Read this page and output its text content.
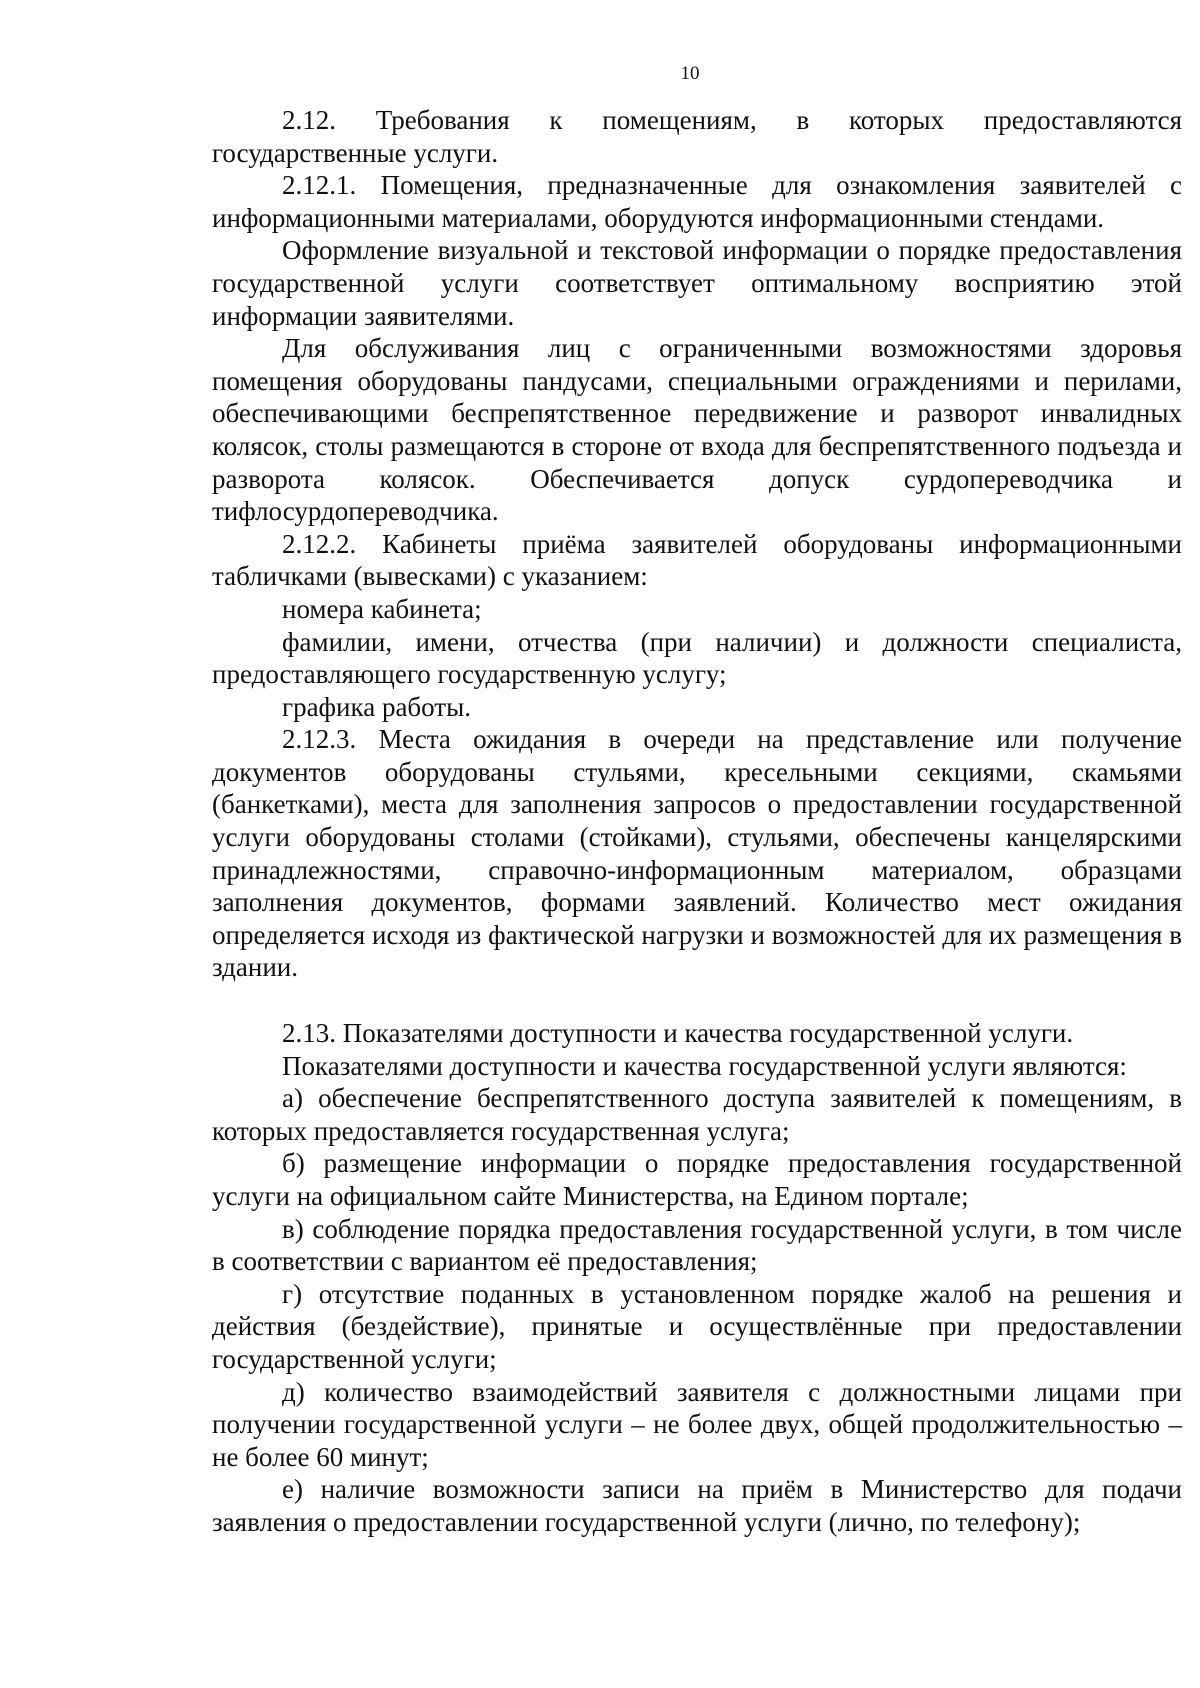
10

2.12. Требования к помещениям, в которых предоставляются государственные услуги.

2.12.1. Помещения, предназначенные для ознакомления заявителей с информационными материалами, оборудуются информационными стендами.

Оформление визуальной и текстовой информации о порядке предоставления государственной услуги соответствует оптимальному восприятию этой информации заявителями.

Для обслуживания лиц с ограниченными возможностями здоровья помещения оборудованы пандусами, специальными ограждениями и перилами, обеспечивающими беспрепятственное передвижение и разворот инвалидных колясок, столы размещаются в стороне от входа для беспрепятственного подъезда и разворота колясок. Обеспечивается допуск сурдопереводчика и тифлосурдопереводчика.

2.12.2. Кабинеты приёма заявителей оборудованы информационными табличками (вывесками) с указанием:

номера кабинета;

фамилии, имени, отчества (при наличии) и должности специалиста, предоставляющего государственную услугу;

графика работы.

2.12.3. Места ожидания в очереди на представление или получение документов оборудованы стульями, кресельными секциями, скамьями (банкетками), места для заполнения запросов о предоставлении государственной услуги оборудованы столами (стойками), стульями, обеспечены канцелярскими принадлежностями, справочно-информационным материалом, образцами заполнения документов, формами заявлений. Количество мест ожидания определяется исходя из фактической нагрузки и возможностей для их размещения в здании.

2.13. Показателями доступности и качества государственной услуги.

Показателями доступности и качества государственной услуги являются:

а) обеспечение беспрепятственного доступа заявителей к помещениям, в которых предоставляется государственная услуга;

б) размещение информации о порядке предоставления государственной услуги на официальном сайте Министерства, на Едином портале;

в) соблюдение порядка предоставления государственной услуги, в том числе в соответствии с вариантом её предоставления;

г) отсутствие поданных в установленном порядке жалоб на решения и действия (бездействие), принятые и осуществлённые при предоставлении государственной услуги;

д) количество взаимодействий заявителя с должностными лицами при получении государственной услуги – не более двух, общей продолжительностью – не более 60 минут;

е) наличие возможности записи на приём в Министерство для подачи заявления о предоставлении государственной услуги (лично, по телефону);
